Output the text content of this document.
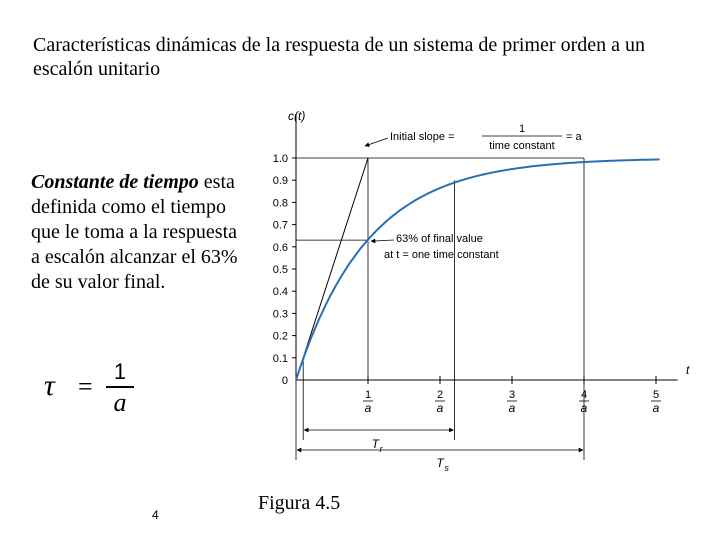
Características dinámicas de la respuesta de un sistema de primer orden a un escalón unitario
Constante de tiempo esta definida como el tiempo que le toma a la respuesta a escalón alcanzar el 63% de su valor final.
τ =
1
a
4
Figura 4.5
0
0.1
0.2
0.3
0.4
0.5
0.6
0.7
0.8
0.9
1.0
1
a
2
a
3
a
4
a
5
a
Initial slope =
1
time constant
= a
63% of final value
at t = one time constant
T r
T s
c(t)
t
